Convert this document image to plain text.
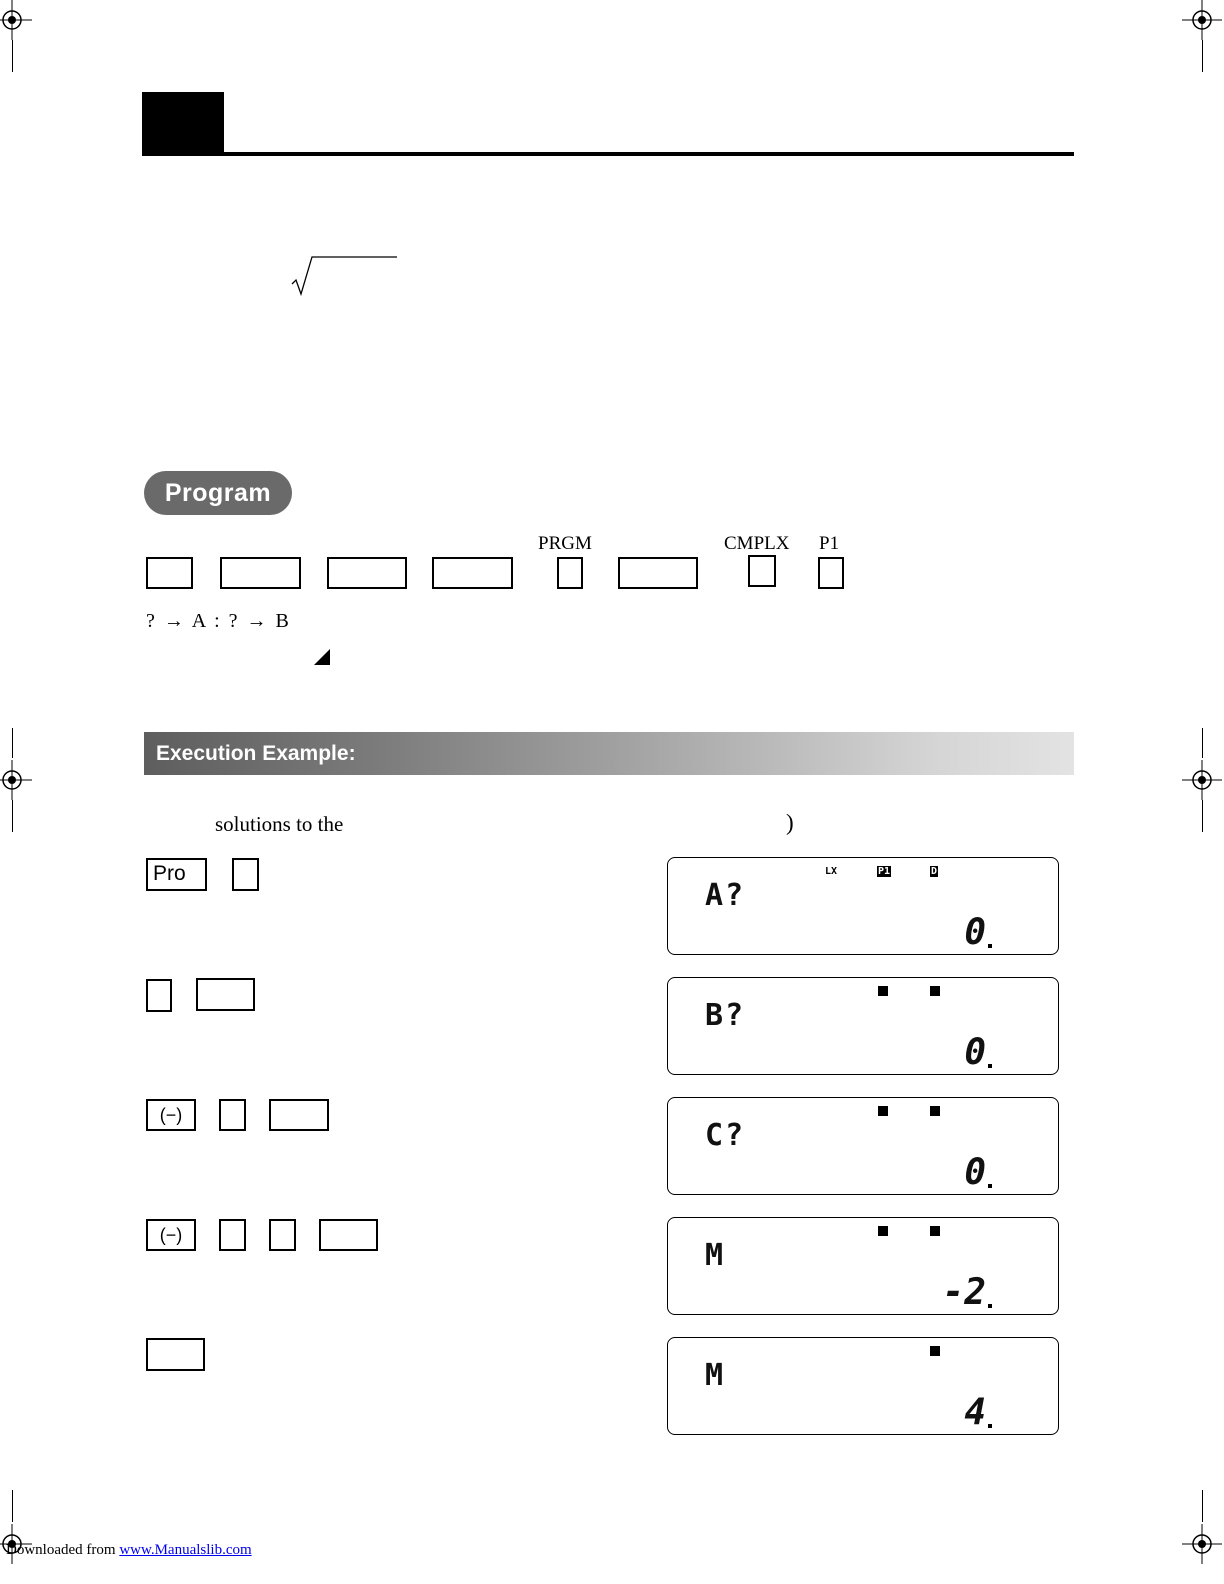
Program
PRGM	CMPLX P1
? → A : ? → B
Execution Example:
solutions to the	)
Pro
(−)
(−)
LX	P1	D
A?
0
B?
0
C?
0
M
-2
M
4
Downloaded from www.Manualslib.com
